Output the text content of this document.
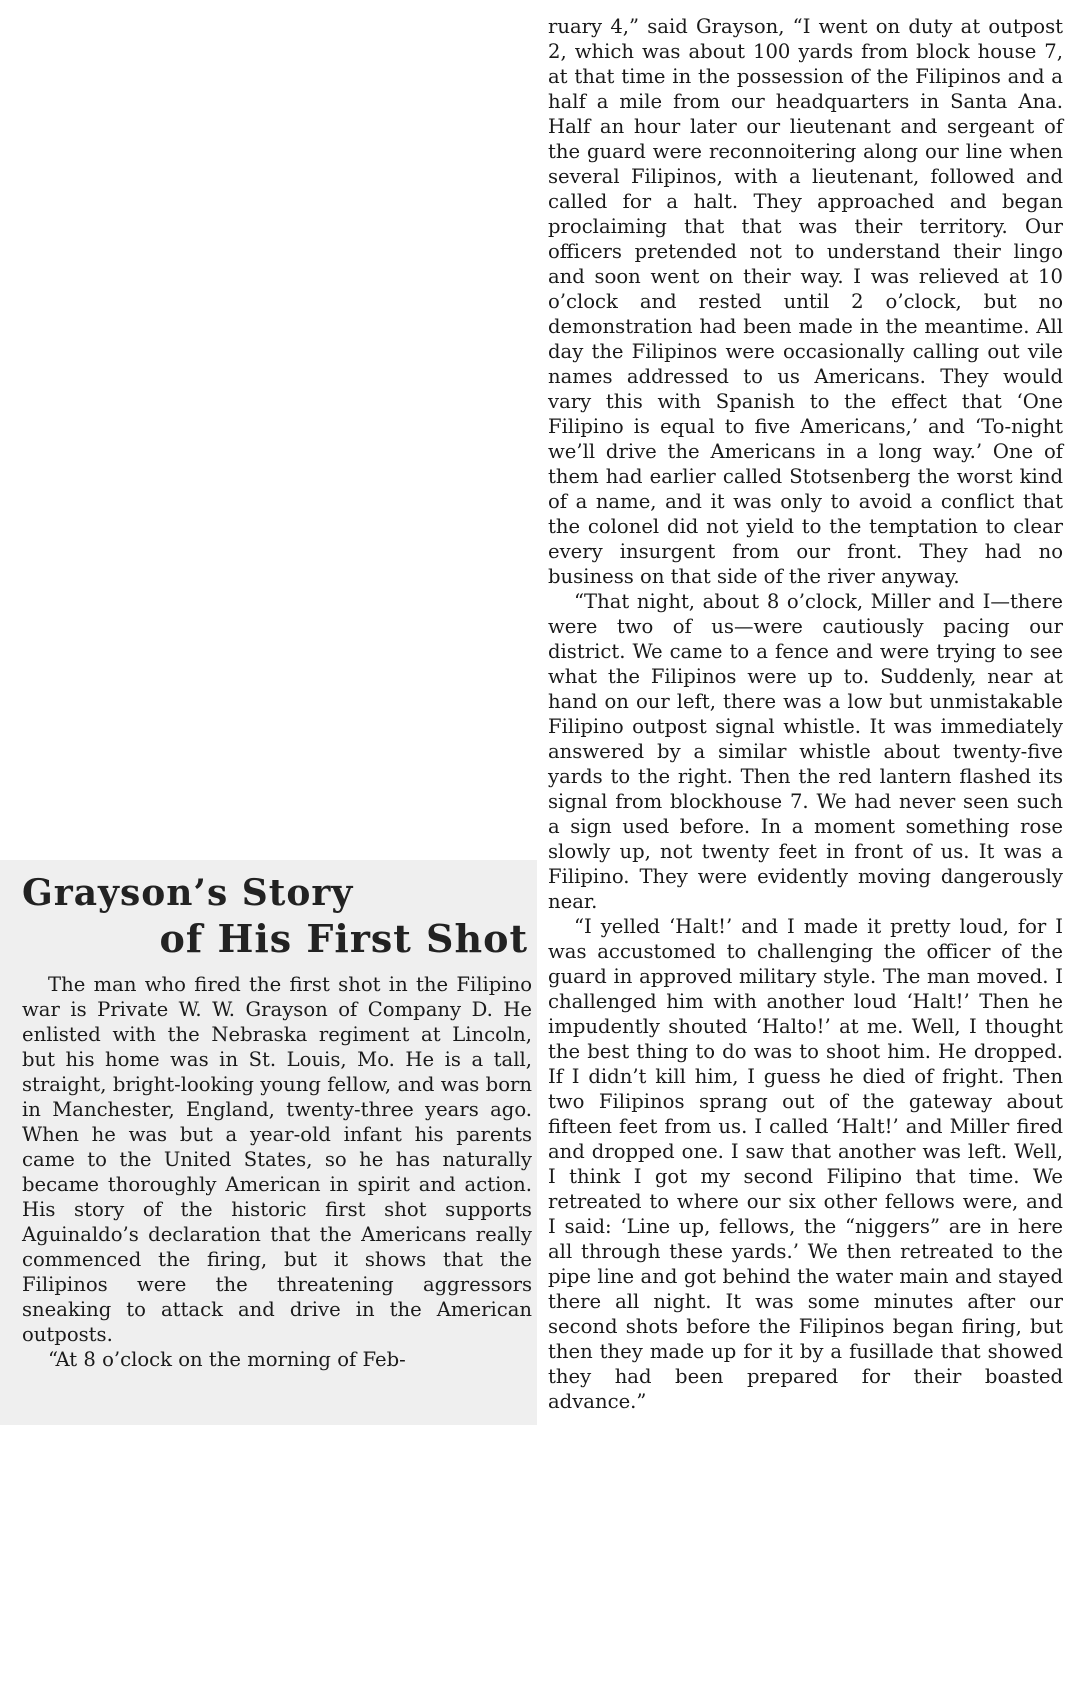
Grayson’s Story
of His First Shot

The man who fired the first shot in the Filipino war is Private W. W. Grayson of Company D. He enlisted with the Nebraska regiment at Lincoln, but his home was in St. Louis, Mo. He is a tall, straight, bright-looking young fellow, and was born in Manchester, England, twenty-three years ago. When he was but a year-old infant his parents came to the United States, so he has naturally became thoroughly American in spirit and action. His story of the historic first shot supports Aguinaldo’s declaration that the Americans really commenced the firing, but it shows that the Filipinos were the threatening aggressors sneaking to attack and drive in the American outposts.

“At 8 o’clock on the morning of Feb-

ruary 4,” said Grayson, “I went on duty at outpost 2, which was about 100 yards from block house 7, at that time in the possession of the Filipinos and a half a mile from our headquarters in Santa Ana. Half an hour later our lieutenant and sergeant of the guard were reconnoitering along our line when several Filipinos, with a lieutenant, followed and called for a halt. They approached and began proclaiming that that was their territory. Our officers pretended not to understand their lingo and soon went on their way. I was relieved at 10 o’clock and rested until 2 o’clock, but no demonstration had been made in the meantime. All day the Filipinos were occasionally calling out vile names addressed to us Americans. They would vary this with Spanish to the effect that ‘One Filipino is equal to five Americans,’ and ‘To-night we’ll drive the Americans in a long way.’ One of them had earlier called Stotsenberg the worst kind of a name, and it was only to avoid a conflict that the colonel did not yield to the temptation to clear every insurgent from our front. They had no business on that side of the river anyway.

“That night, about 8 o’clock, Miller and I—there were two of us—were cautiously pacing our district. We came to a fence and were trying to see what the Filipinos were up to. Suddenly, near at hand on our left, there was a low but unmistakable Filipino outpost signal whistle. It was immediately answered by a similar whistle about twenty-five yards to the right. Then the red lantern flashed its signal from blockhouse 7. We had never seen such a sign used before. In a moment something rose slowly up, not twenty feet in front of us. It was a Filipino. They were evidently moving dangerously near.

“I yelled ‘Halt!’ and I made it pretty loud, for I was accustomed to challenging the officer of the guard in approved military style. The man moved. I challenged him with another loud ‘Halt!’ Then he impudently shouted ‘Halto!’ at me. Well, I thought the best thing to do was to shoot him. He dropped. If I didn’t kill him, I guess he died of fright. Then two Filipinos sprang out of the gateway about fifteen feet from us. I called ‘Halt!’ and Miller fired and dropped one. I saw that another was left. Well, I think I got my second Filipino that time. We retreated to where our six other fellows were, and I said: ‘Line up, fellows, the “niggers” are in here all through these yards.’ We then retreated to the pipe line and got behind the water main and stayed there all night. It was some minutes after our second shots before the Filipinos began firing, but then they made up for it by a fusillade that showed they had been prepared for their boasted advance.”
